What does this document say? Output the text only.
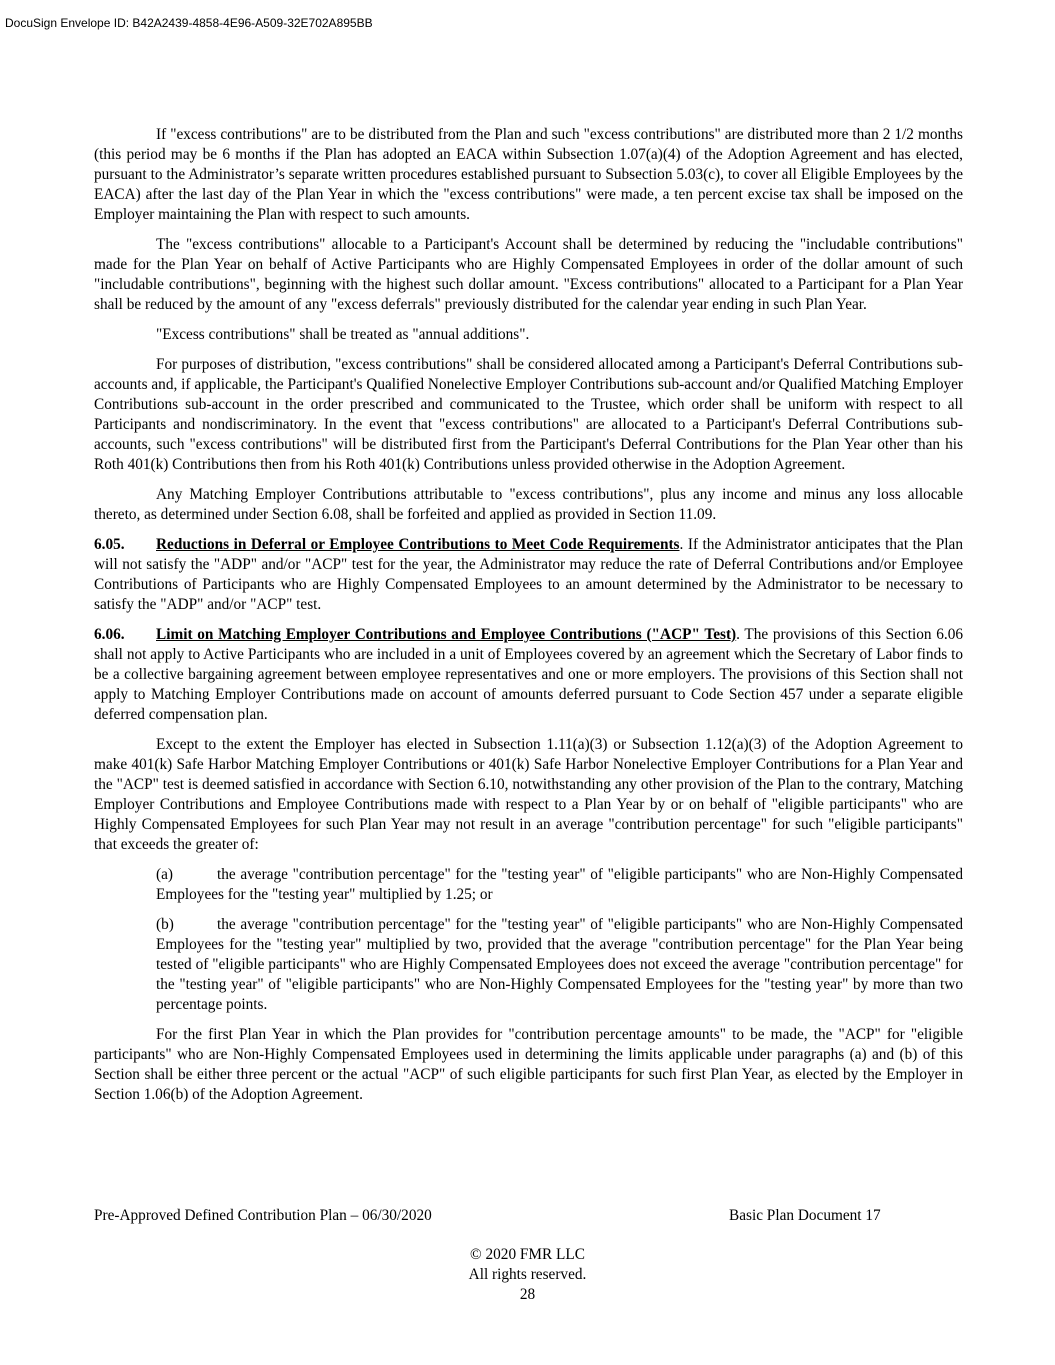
DocuSign Envelope ID: B42A2439-4858-4E96-A509-32E702A895BB

If "excess contributions" are to be distributed from the Plan and such "excess contributions" are distributed more than 2 1/2 months (this period may be 6 months if the Plan has adopted an EACA within Subsection 1.07(a)(4) of the Adoption Agreement and has elected, pursuant to the Administrator’s separate written procedures established pursuant to Subsection 5.03(c), to cover all Eligible Employees by the EACA) after the last day of the Plan Year in which the "excess contributions" were made, a ten percent excise tax shall be imposed on the Employer maintaining the Plan with respect to such amounts.

The "excess contributions" allocable to a Participant's Account shall be determined by reducing the "includable contributions" made for the Plan Year on behalf of Active Participants who are Highly Compensated Employees in order of the dollar amount of such "includable contributions", beginning with the highest such dollar amount. "Excess contributions" allocated to a Participant for a Plan Year shall be reduced by the amount of any "excess deferrals" previously distributed for the calendar year ending in such Plan Year.

"Excess contributions" shall be treated as "annual additions".

For purposes of distribution, "excess contributions" shall be considered allocated among a Participant's Deferral Contributions sub-accounts and, if applicable, the Participant's Qualified Nonelective Employer Contributions sub-account and/or Qualified Matching Employer Contributions sub-account in the order prescribed and communicated to the Trustee, which order shall be uniform with respect to all Participants and nondiscriminatory. In the event that "excess contributions" are allocated to a Participant's Deferral Contributions sub-accounts, such "excess contributions" will be distributed first from the Participant's Deferral Contributions for the Plan Year other than his Roth 401(k) Contributions then from his Roth 401(k) Contributions unless provided otherwise in the Adoption Agreement.

Any Matching Employer Contributions attributable to "excess contributions", plus any income and minus any loss allocable thereto, as determined under Section 6.08, shall be forfeited and applied as provided in Section 11.09.

6.05. Reductions in Deferral or Employee Contributions to Meet Code Requirements. If the Administrator anticipates that the Plan will not satisfy the "ADP" and/or "ACP" test for the year, the Administrator may reduce the rate of Deferral Contributions and/or Employee Contributions of Participants who are Highly Compensated Employees to an amount determined by the Administrator to be necessary to satisfy the "ADP" and/or "ACP" test.

6.06. Limit on Matching Employer Contributions and Employee Contributions ("ACP" Test). The provisions of this Section 6.06 shall not apply to Active Participants who are included in a unit of Employees covered by an agreement which the Secretary of Labor finds to be a collective bargaining agreement between employee representatives and one or more employers. The provisions of this Section shall not apply to Matching Employer Contributions made on account of amounts deferred pursuant to Code Section 457 under a separate eligible deferred compensation plan.

Except to the extent the Employer has elected in Subsection 1.11(a)(3) or Subsection 1.12(a)(3) of the Adoption Agreement to make 401(k) Safe Harbor Matching Employer Contributions or 401(k) Safe Harbor Nonelective Employer Contributions for a Plan Year and the "ACP" test is deemed satisfied in accordance with Section 6.10, notwithstanding any other provision of the Plan to the contrary, Matching Employer Contributions and Employee Contributions made with respect to a Plan Year by or on behalf of "eligible participants" who are Highly Compensated Employees for such Plan Year may not result in an average "contribution percentage" for such "eligible participants" that exceeds the greater of:

(a)	the average "contribution percentage" for the "testing year" of "eligible participants" who are Non-Highly Compensated Employees for the "testing year" multiplied by 1.25; or

(b)	the average "contribution percentage" for the "testing year" of "eligible participants" who are Non-Highly Compensated Employees for the "testing year" multiplied by two, provided that the average "contribution percentage" for the Plan Year being tested of "eligible participants" who are Highly Compensated Employees does not exceed the average "contribution percentage" for the "testing year" of "eligible participants" who are Non-Highly Compensated Employees for the "testing year" by more than two percentage points.

For the first Plan Year in which the Plan provides for "contribution percentage amounts" to be made, the "ACP" for "eligible participants" who are Non-Highly Compensated Employees used in determining the limits applicable under paragraphs (a) and (b) of this Section shall be either three percent or the actual "ACP" of such eligible participants for such first Plan Year, as elected by the Employer in Section 1.06(b) of the Adoption Agreement.

Pre-Approved Defined Contribution Plan – 06/30/2020	Basic Plan Document 17
© 2020 FMR LLC
All rights reserved.
28
